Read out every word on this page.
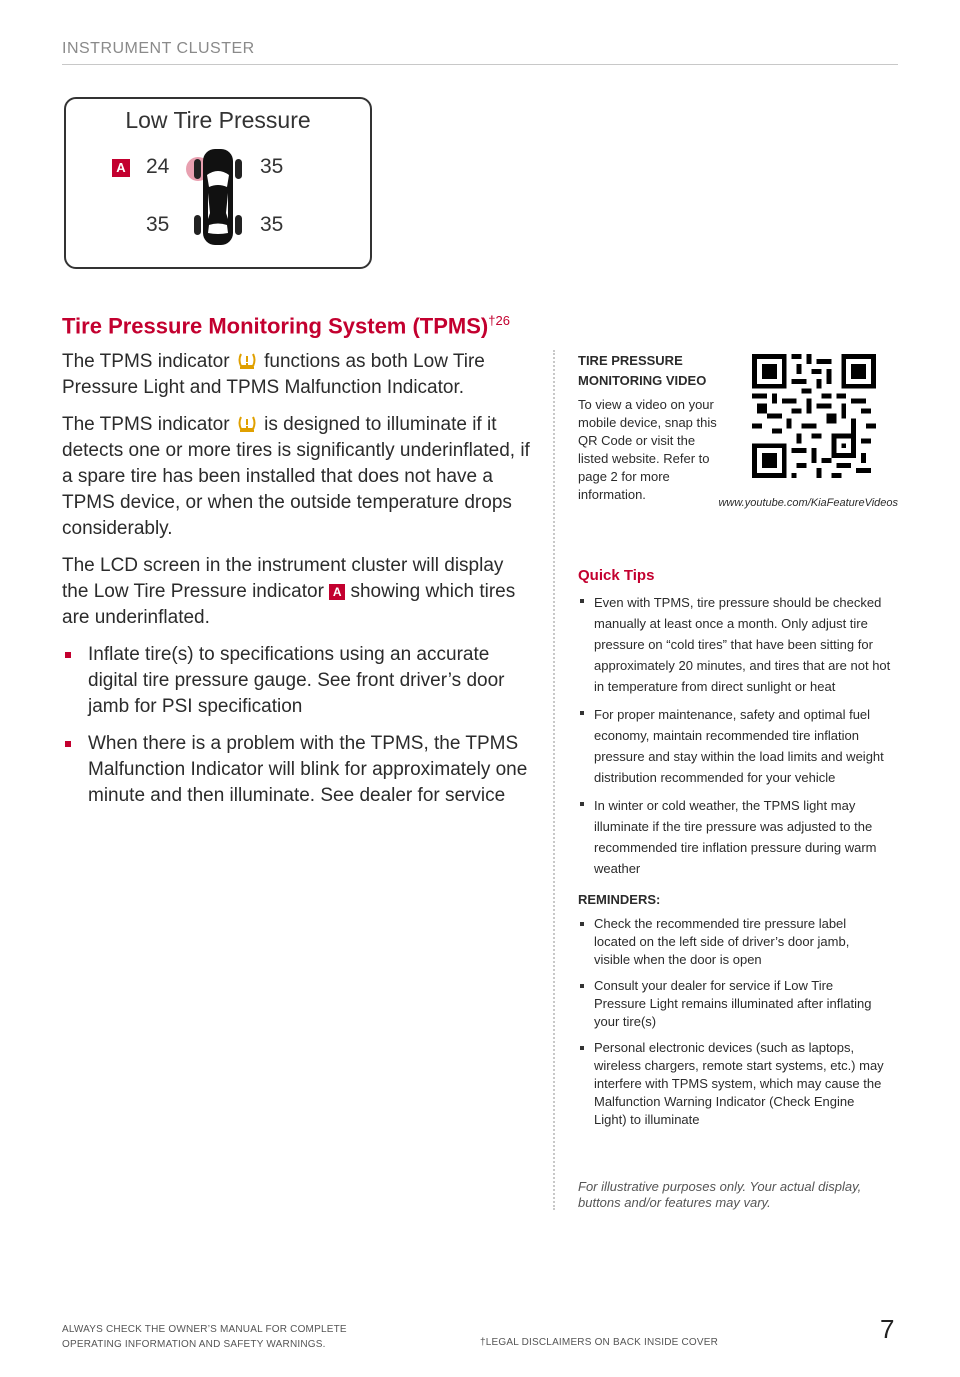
INSTRUMENT CLUSTER
Low Tire Pressure
A 24	35
35	35
Tire Pressure Monitoring System (TPMS)$^{\dagger 26}$

The TPMS indicator functions as both Low Tire Pressure Light and TPMS Malfunction Indicator.

The TPMS indicator is designed to illuminate if it detects one or more tires is significantly underinflated, if a spare tire has been installed that does not have a TPMS device, or when the outside temperature drops considerably.

The LCD screen in the instrument cluster will display the Low Tire Pressure indicator A showing which tires are underinflated.

Inflate tire(s) to specifications using an accurate digital tire pressure gauge. See front driver’s door jamb for PSI specification
When there is a problem with the TPMS, the TPMS Malfunction Indicator will blink for approximately one minute and then illuminate. See dealer for service
TIRE PRESSURE MONITORING VIDEO
To view a video on your mobile device, snap this QR Code or visit the listed website. Refer to page 2 for more information.
www.youtube.com/KiaFeatureVideos
Quick Tips
Even with TPMS, tire pressure should be checked manually at least once a month. Only adjust tire pressure on “cold tires” that have been sitting for approximately 20 minutes, and tires that are not hot in temperature from direct sunlight or heat
For proper maintenance, safety and optimal fuel economy, maintain recommended tire inflation pressure and stay within the load limits and weight distribution recommended for your vehicle
In winter or cold weather, the TPMS light may illuminate if the tire pressure was adjusted to the recommended tire inflation pressure during warm weather
REMINDERS:
Check the recommended tire pressure label located on the left side of driver’s door jamb, visible when the door is open
Consult your dealer for service if Low Tire Pressure Light remains illuminated after inflating your tire(s)
Personal electronic devices (such as laptops, wireless chargers, remote start systems, etc.) may interfere with TPMS system, which may cause the Malfunction Warning Indicator (Check Engine Light) to illuminate
For illustrative purposes only. Your actual display, buttons and/or features may vary.
ALWAYS CHECK THE OWNER’S MANUAL FOR COMPLETE OPERATING INFORMATION AND SAFETY WARNINGS.	†LEGAL DISCLAIMERS ON BACK INSIDE COVER	7
